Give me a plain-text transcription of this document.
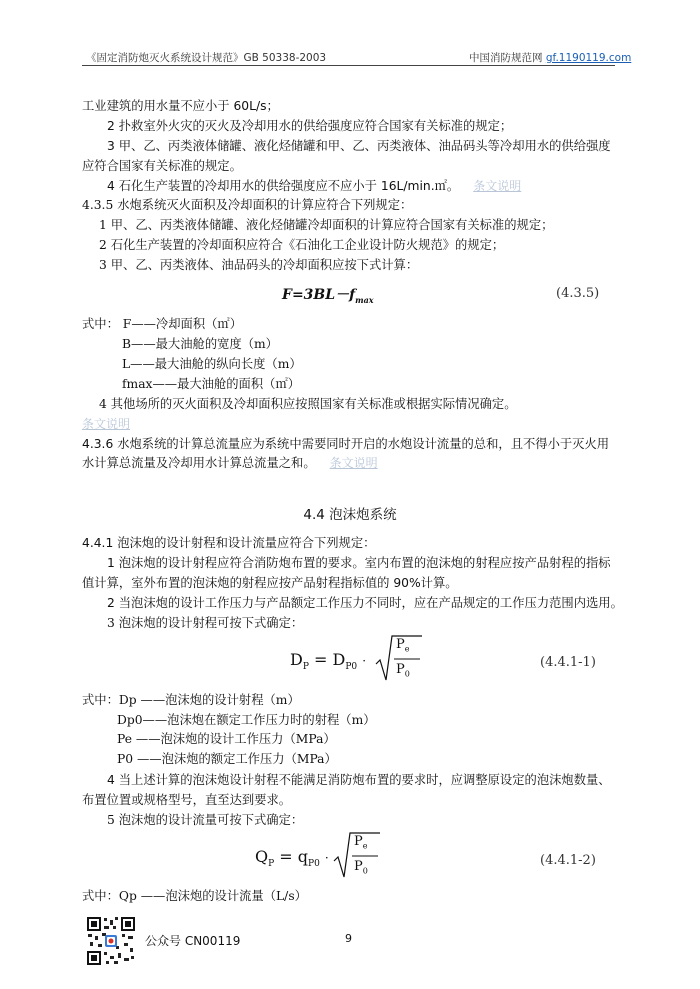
《固定消防炮灭火系统设计规范》GB 50338-2003	中国消防规范网 gf.1190119.com
工业建筑的用水量不应小于 60L/s；
2 扑救室外火灾的灭火及冷却用水的供给强度应符合国家有关标准的规定；
3 甲、乙、丙类液体储罐、液化烃储罐和甲、乙、丙类液体、油品码头等冷却用水的供给强度
应符合国家有关标准的规定。
4 石化生产装置的冷却用水的供给强度应不应小于 16L/min.㎡。 条文说明
4.3.5 水炮系统灭火面积及冷却面积的计算应符合下列规定：
1 甲、乙、丙类液体储罐、液化烃储罐冷却面积的计算应符合国家有关标准的规定；
2 石化生产装置的冷却面积应符合《石油化工企业设计防火规范》的规定；
3 甲、乙、丙类液体、油品码头的冷却面积应按下式计算：
$F=3BL-f_{max}$	(4.3.5)
式中： F——冷却面积（㎡）
B——最大油舱的宽度（m）
L——最大油舱的纵向长度（m）
fmax——最大油舱的面积（㎡）
4 其他场所的灭火面积及冷却面积应按照国家有关标准或根据实际情况确定。
条文说明
4.3.6 水炮系统的计算总流量应为系统中需要同时开启的水炮设计流量的总和，且不得小于灭火用
水计算总流量及冷却用水计算总流量之和。 条文说明
4.4 泡沫炮系统
4.4.1 泡沫炮的设计射程和设计流量应符合下列规定：
1 泡沫炮的设计射程应符合消防炮布置的要求。室内布置的泡沫炮的射程应按产品射程的指标
值计算，室外布置的泡沫炮的射程应按产品射程指标值的 90%计算。
2 当泡沫炮的设计工作压力与产品额定工作压力不同时，应在产品规定的工作压力范围内选用。
3 泡沫炮的设计射程可按下式确定：
$D_P = D_{P0}$ ·
$P_e$
$P_0$
(4.4.1-1)
式中：Dp ——泡沫炮的设计射程（m）
Dp0——泡沫炮在额定工作压力时的射程（m）
Pe ——泡沫炮的设计工作压力（MPa）
P0 ——泡沫炮的额定工作压力（MPa）
4 当上述计算的泡沫炮设计射程不能满足消防炮布置的要求时，应调整原设定的泡沫炮数量、
布置位置或规格型号，直至达到要求。
5 泡沫炮的设计流量可按下式确定：
$Q_P = q_{P0}$ ·
$P_e$
$P_0$
(4.4.1-2)
式中：Qp ——泡沫炮的设计流量（L/s）
公众号 CN00119	9
